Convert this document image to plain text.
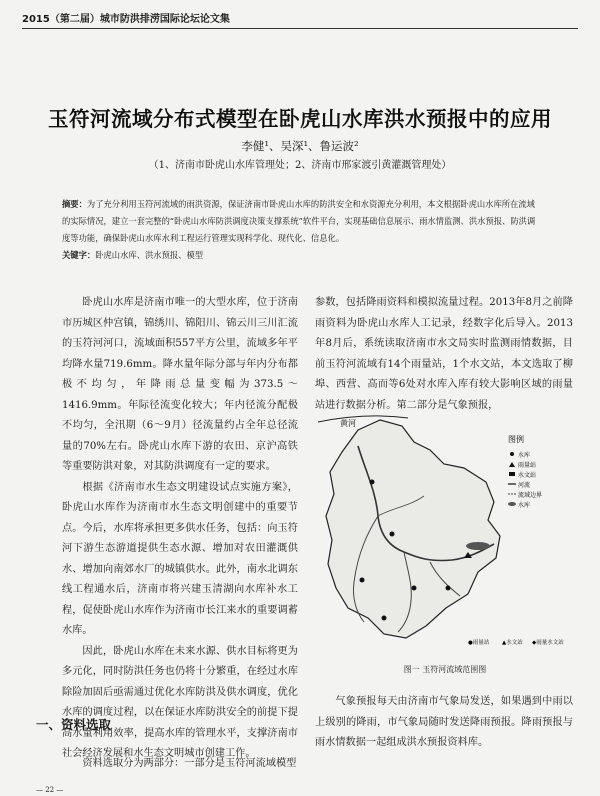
2015（第二届）城市防洪排涝国际论坛论文集
玉符河流域分布式模型在卧虎山水库洪水预报中的应用
李健¹、吴深¹、鲁运波²
（1、济南市卧虎山水库管理处；2、济南市邢家渡引黄灌溉管理处）
摘要：为了充分利用玉符河流域的雨洪资源，保证济南市卧虎山水库的防洪安全和水资源充分利用，本文根据卧虎山水库所在流域的实际情况，建立一套完整的“卧虎山水库防洪调度决策支撑系统”软件平台，实现基础信息展示、雨水情监测、洪水预报、防洪调度等功能，确保卧虎山水库水利工程运行管理实现科学化、现代化、信息化。
关键字：卧虎山水库、洪水预报、模型

卧虎山水库是济南市唯一的大型水库，位于济南市历城区仲宫镇，锦绣川、锦阳川、锦云川三川汇流的玉符河河口，流域面积557平方公里，流域多年平均降水量719.6mm。降水量年际分部与年内分布都极不均匀，年降雨总量变幅为373.5～1416.9mm。年际径流变化较大；年内径流分配极不均匀，全汛期（6～9月）径流量约占全年总径流量的70%左右。卧虎山水库下游的农田、京沪高铁等重要防洪对象，对其防洪调度有一定的要求。

根据《济南市水生态文明建设试点实施方案》，卧虎山水库作为济南市水生态文明创建中的重要节点。今后，水库将承担更多供水任务，包括：向玉符河下游生态游道提供生态水源、增加对农田灌溉供水、增加向南郊水厂的城镇供水。此外，南水北调东线工程通水后，济南市将兴建玉清湖向水库补水工程，促使卧虎山水库作为济南市长江来水的重要调蓄水库。

因此，卧虎山水库在未来水源、供水目标将更为多元化，同时防洪任务也仍将十分繁重，在经过水库除险加固后亟需通过优化水库防洪及供水调度，优化水库的调度过程，以在保证水库防洪安全的前提下提高水量利用效率，提高水库的管理水平，支撑济南市社会经济发展和水生态文明城市创建工作。

一、资料选取

资料选取分为两部分：一部分是玉符河流域模型

参数，包括降雨资料和模拟流量过程。2013年8月之前降雨资料为卧虎山水库人工记录，经数字化后导入。2013年8月后，系统读取济南市水文局实时监测雨情数据，目前玉符河流域有14个雨量站，1个水文站，本文选取了柳埠、西营、高而等6处对水库入库有较大影响区域的雨量站进行数据分析。第二部分是气象预报，

黄河
图例
水库
雨量站
水文站
河流
流域边界
水库
●雨量站 ▲水文站 ◆雨量水文站
图一 玉符河流域范围图

气象预报每天由济南市气象局发送，如果遇到中雨以上级别的降雨，市气象局随时发送降雨预报。降雨预报与雨水情数据一起组成洪水预报资料库。

— 22 —
